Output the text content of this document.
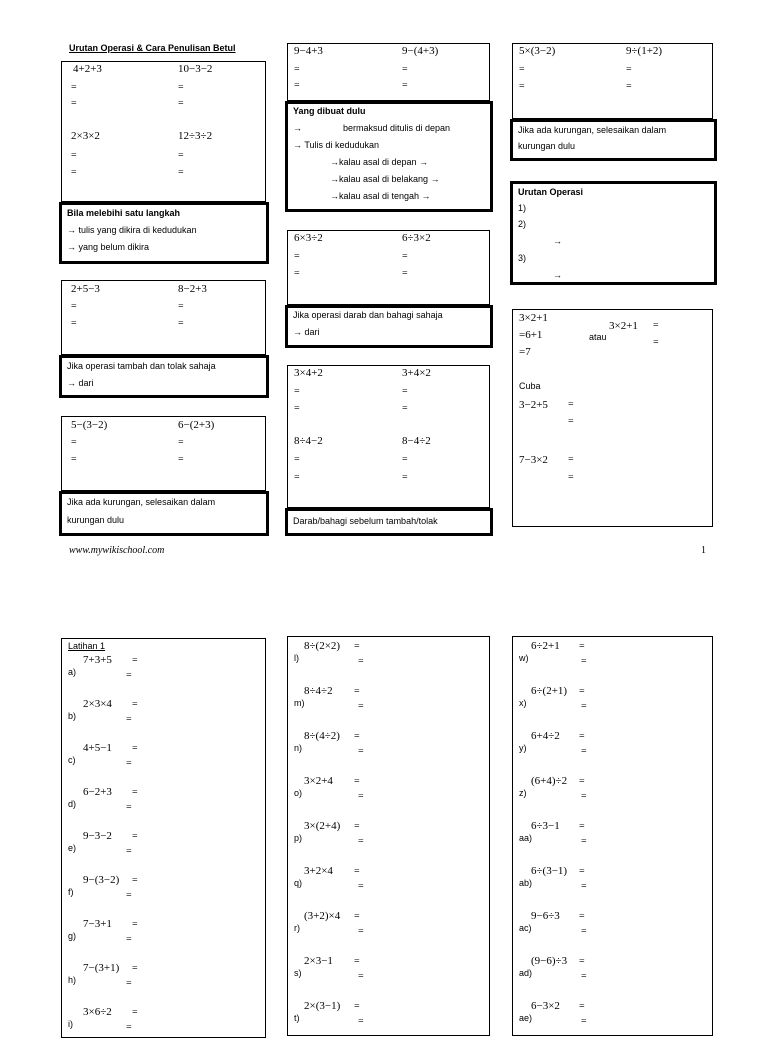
Urutan Operasi & Cara Penulisan Betul
4+2+3	10−3−2
=	=
=	=
2×3×2	12÷3÷2
=	=
=	=
Bila melebihi satu langkah
→ tulis yang dikira di kedudukan
→ yang belum dikira
2+5−3	8−2+3
=	=
=	=
Jika operasi tambah dan tolak sahaja
→ dari
5−(3−2)	6−(2+3)
=	=
=	=
Jika ada kurungan, selesaikan dalam
kurungan dulu
9−4+3	9−(4+3)
=	=
=	=
Yang dibuat dulu
→	bermaksud ditulis di depan
→ Tulis di kedudukan
→kalau asal di depan →
→kalau asal di belakang →
→kalau asal di tengah →
6×3÷2	6÷3×2
=	=
=	=
Jika operasi darab dan bahagi sahaja
→ dari
3×4+2	3+4×2
=	=
=	=
8÷4−2	8−4÷2
=	=
=	=
Darab/bahagi sebelum tambah/tolak
5×(3−2)	9÷(1+2)
=	=
=	=
Jika ada kurungan, selesaikan dalam
kurungan dulu
Urutan Operasi
1)
2)
→
3)
→
3×2+1
=6+1
=7
atau
3×2+1 =
=
Cuba
3−2+5 =
=
7−3×2 =
=
www.mywikischool.com	1
Latihan 1
a)
7+3+5 =
=
b)
2×3×4 =
=
c)
4+5−1 =
=
d)
6−2+3 =
=
e)
9−3−2 =
=
f)
9−(3−2) =
=
g)
7−3+1 =
=
h)
7−(3+1) =
=
i)
3×6÷2 =
=
l)
8÷(2×2) =
=
m)
8÷4÷2 =
=
n)
8÷(4÷2) =
=
o)
3×2+4 =
=
p)
3×(2+4) =
=
q)
3+2×4 =
=
r)
(3+2)×4 =
=
s)
2×3−1 =
=
t)
2×(3−1) =
=
w)
6÷2+1 =
=
x)
6÷(2+1) =
=
y)
6+4÷2 =
=
z)
(6+4)÷2 =
=
aa)
6÷3−1 =
=
ab)
6÷(3−1) =
=
ac)
9−6÷3 =
=
ad)
(9−6)÷3 =
=
ae)
6−3×2 =
=
